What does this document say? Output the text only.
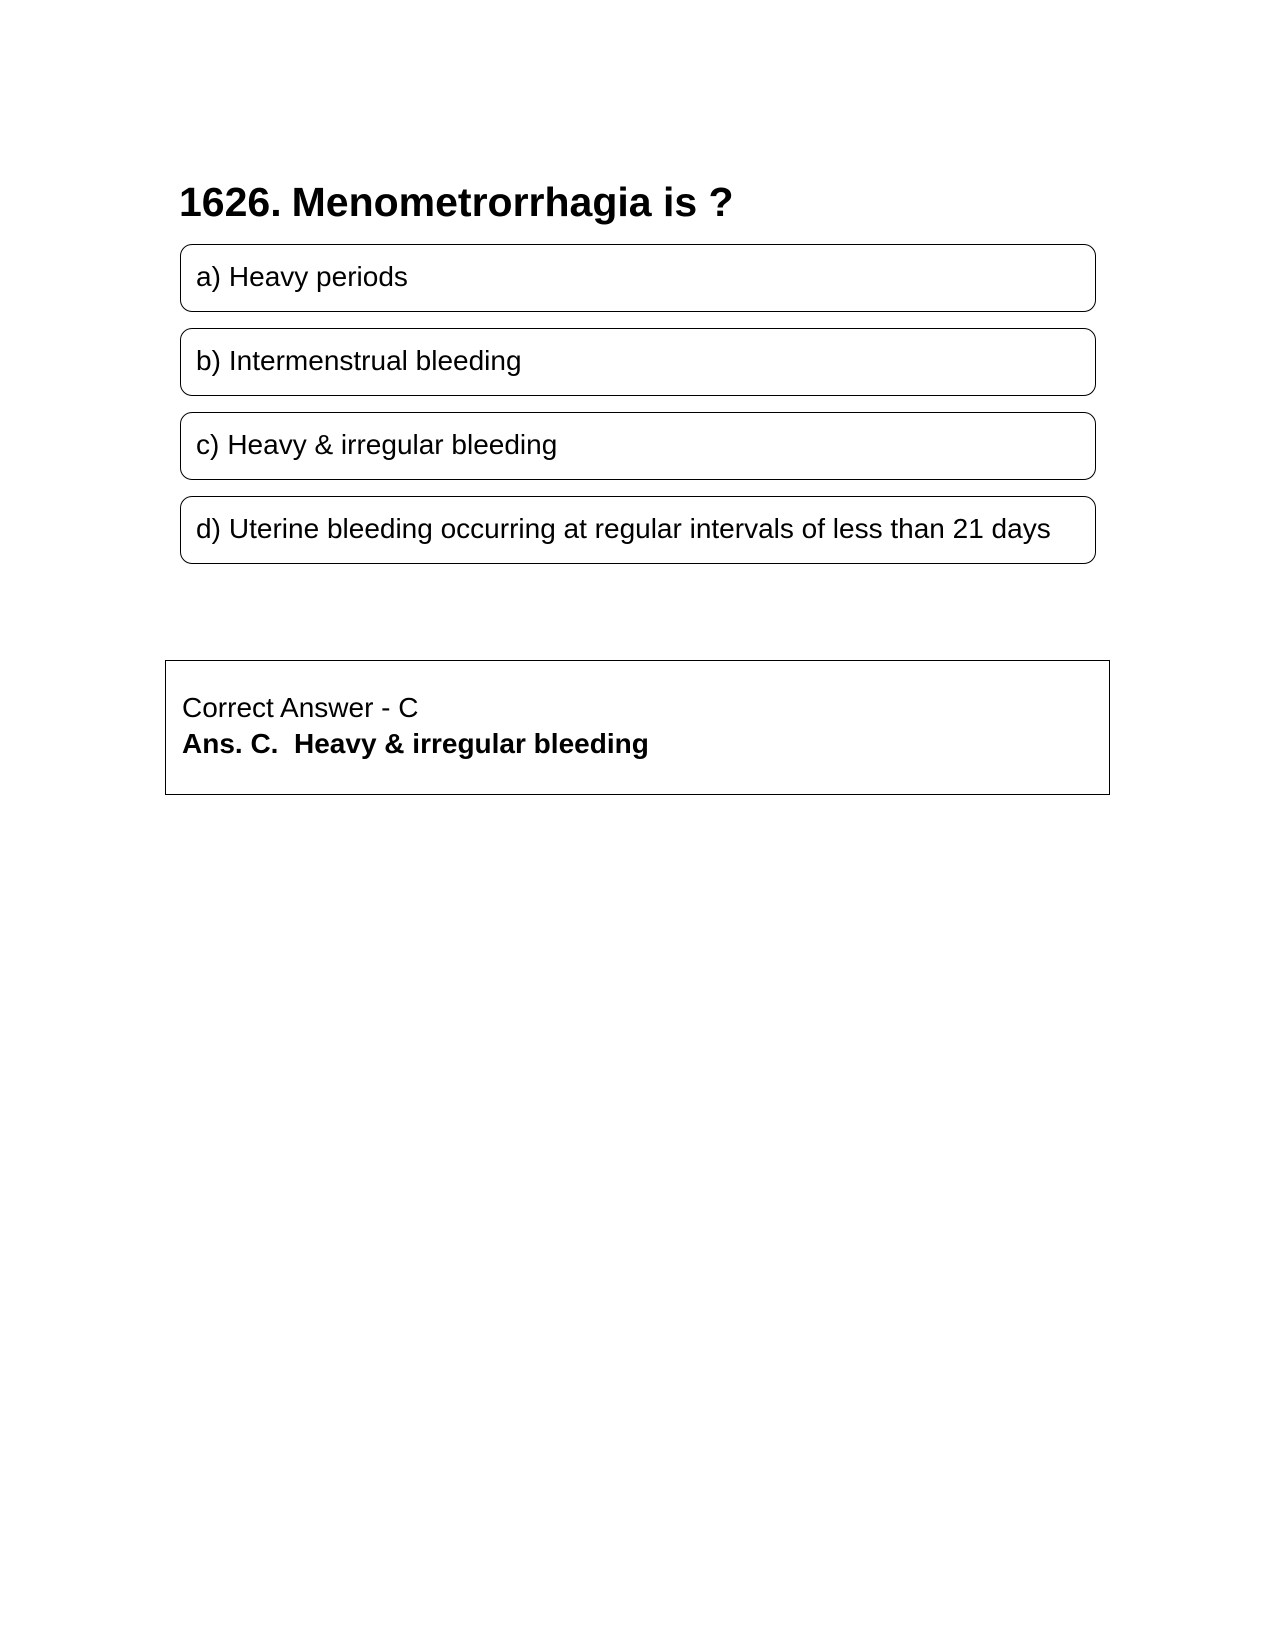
1626. Menometrorrhagia is ?
a) Heavy periods
b) Intermenstrual bleeding
c) Heavy & irregular bleeding
d) Uterine bleeding occurring at regular intervals of less than 21 days
Correct Answer - C
Ans. C.  Heavy & irregular bleeding
